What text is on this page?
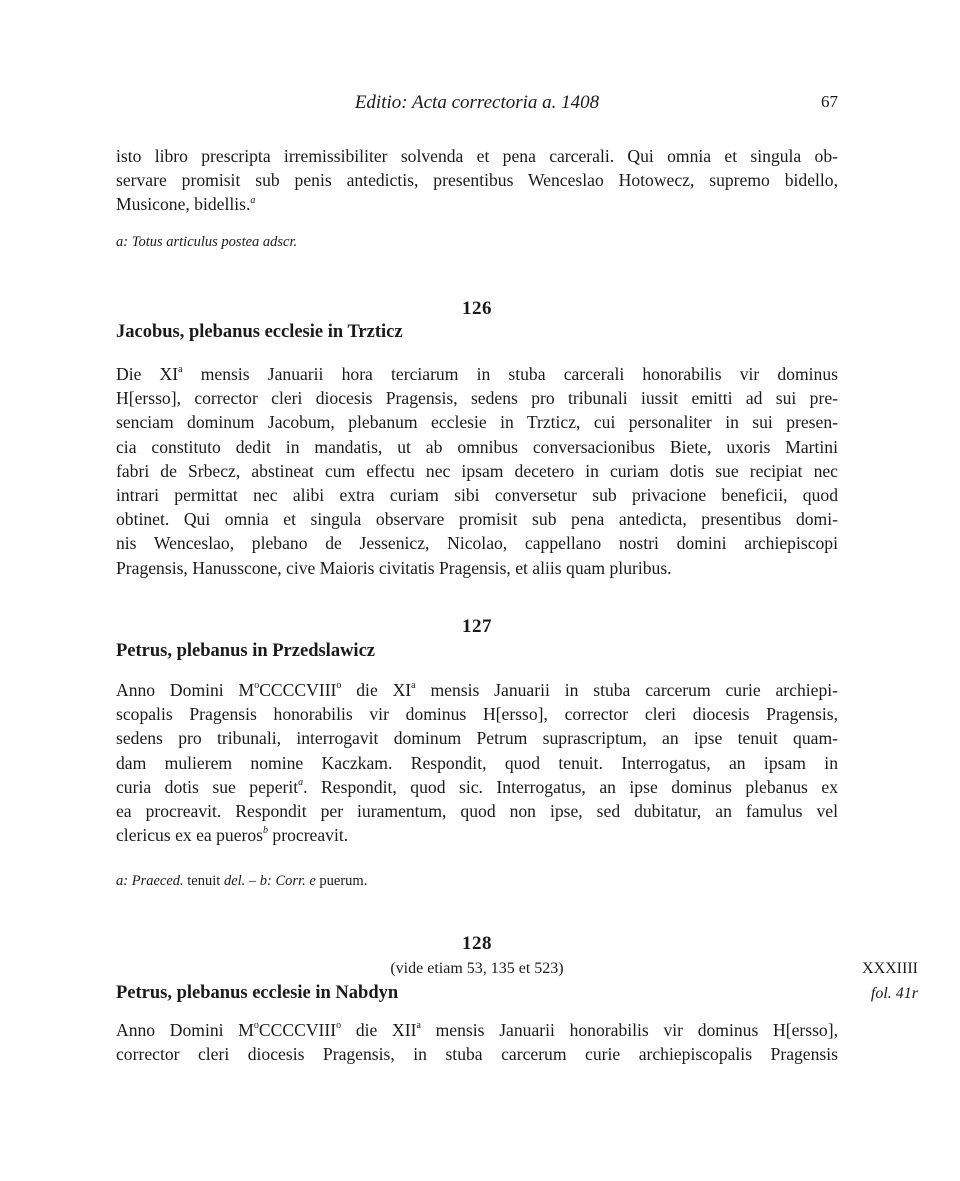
Editio: Acta correctoria a. 1408	67

isto libro prescripta irremissibiliter solvenda et pena carcerali. Qui omnia et singula ob-
servare promisit sub penis antedictis, presentibus Wenceslao Hotowecz, supremo bidello,
Musicone, bidellis.$^a$

a: Totus articulus postea adscr.
126
Jacobus, plebanus ecclesie in Trzticz

Die $XI^a$ mensis Januarii hora terciarum in stuba carcerali honorabilis vir dominus
H[ersso], corrector cleri diocesis Pragensis, sedens pro tribunali iussit emitti ad sui pre-
senciam dominum Jacobum, plebanum ecclesie in Trzticz, cui personaliter in sui presen-
cia constituto dedit in mandatis, ut ab omnibus conversacionibus Biete, uxoris Martini
fabri de Srbecz, abstineat cum effectu nec ipsam decetero in curiam dotis sue recipiat nec
intrari permittat nec alibi extra curiam sibi conversetur sub privacione beneficii, quod
obtinet. Qui omnia et singula observare promisit sub pena antedicta, presentibus domi-
nis Wenceslao, plebano de Jessenicz, Nicolao, cappellano nostri domini archiepiscopi
Pragensis, Hanusscone, cive Maioris civitatis Pragensis, et aliis quam pluribus.

127
Petrus, plebanus in Przedslawicz

Anno Domini $M^oCCCCVIII^o$ die $XI^a$ mensis Januarii in stuba carcerum curie archiepi-
scopalis Pragensis honorabilis vir dominus H[ersso], corrector cleri diocesis Pragensis,
sedens pro tribunali, interrogavit dominum Petrum suprascriptum, an ipse tenuit quam-
dam mulierem nomine Kaczkam. Respondit, quod tenuit. Interrogatus, an ipsam in
curia dotis sue peperit$^a$. Respondit, quod sic. Interrogatus, an ipse dominus plebanus ex
ea procreavit. Respondit per iuramentum, quod non ipse, sed dubitatur, an famulus vel
clericus ex ea pueros$^b$ procreavit.

a: Praeced. tenuit del. – b: Corr. e puerum.
128
(vide etiam 53, 135 et 523)	XXXIIII
Petrus, plebanus ecclesie in Nabdyn	fol. 41r

Anno Domini $M^oCCCCVIII^o$ die XII$^a$ mensis Januarii honorabilis vir dominus H[ersso],
corrector cleri diocesis Pragensis, in stuba carcerum curie archiepiscopalis Pragensis
